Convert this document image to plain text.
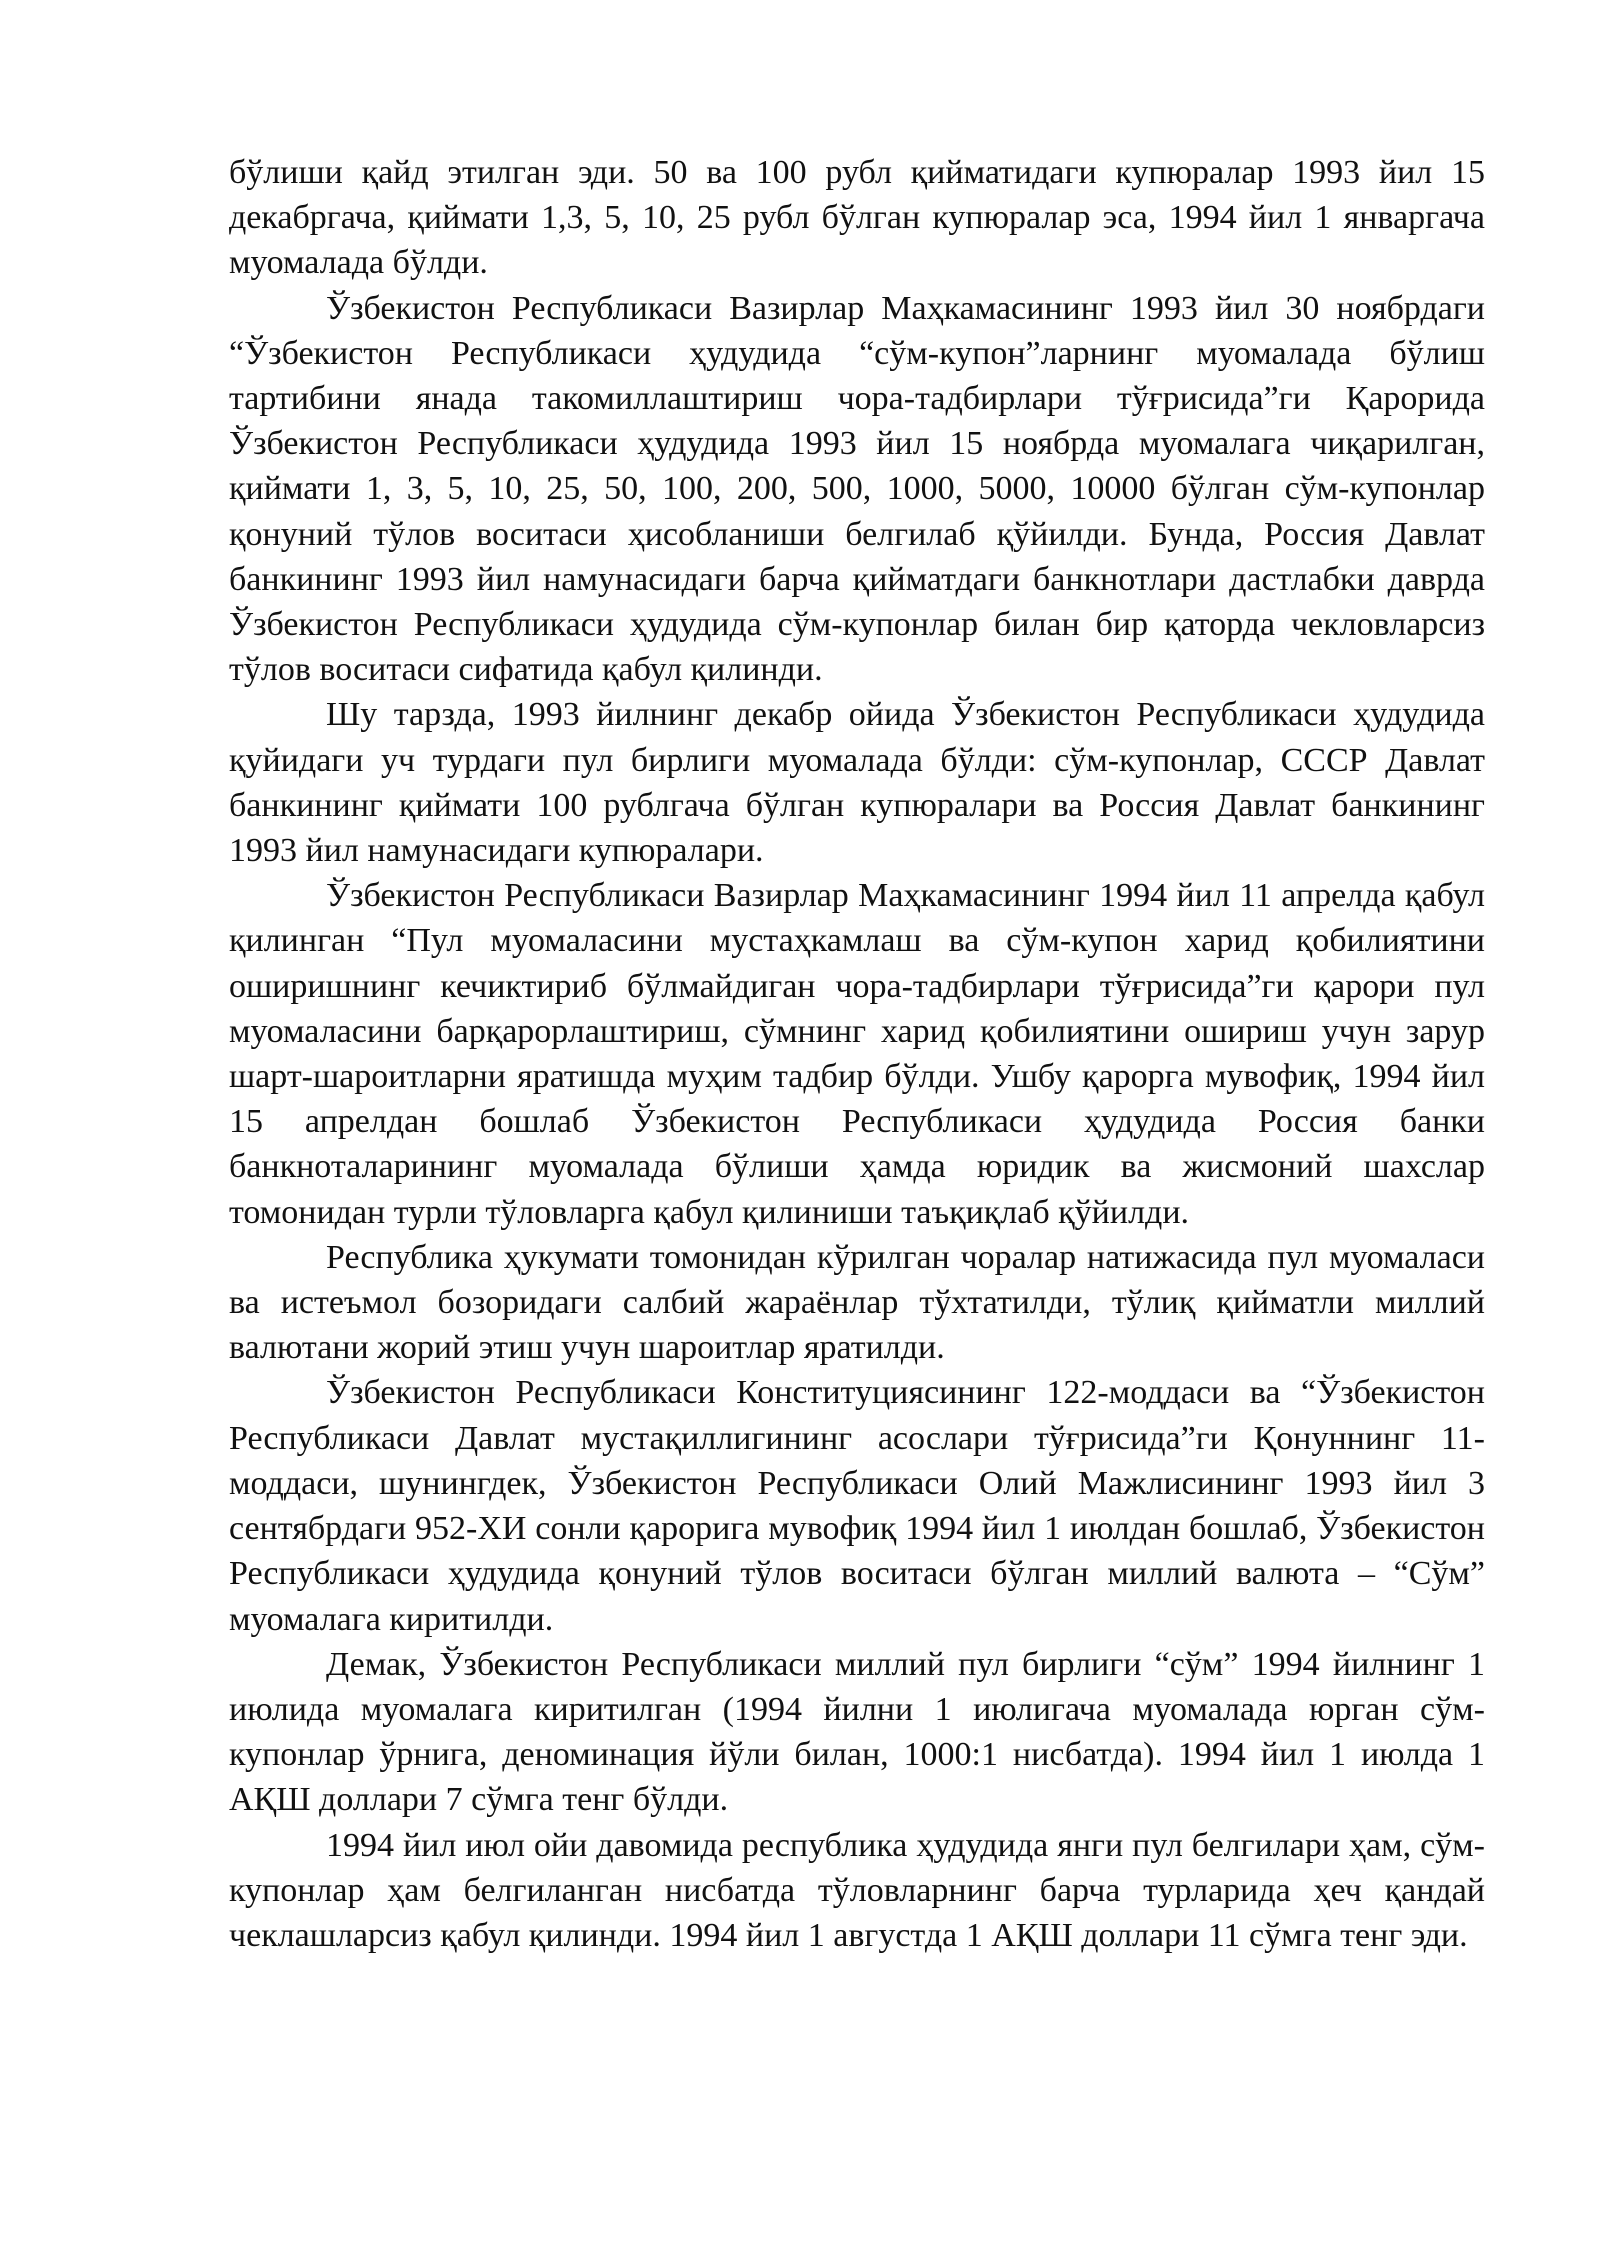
бўлиши қайд этилган эди. 50 ва 100 рубл қийматидаги купюралар 1993 йил 15 декабргача, қиймати 1,3, 5, 10, 25 рубл бўлган купюралар эса, 1994 йил 1 январгача муомалада бўлди.

Ўзбекистон Республикаси Вазирлар Маҳкамасининг 1993 йил 30 ноябрдаги “Ўзбекистон Республикаси ҳудудида “сўм-купон”ларнинг муомалада бўлиш тартибини янада такомиллаштириш чора-тадбирлари тўғрисида”ги Қарорида Ўзбекистон Республикаси ҳудудида 1993 йил 15 ноябрда муомалага чиқарилган, қиймати 1, 3, 5, 10, 25, 50, 100, 200, 500, 1000, 5000, 10000 бўлган сўм-купонлар қонуний тўлов воситаси ҳисобланиши белгилаб қўйилди. Бунда, Россия Давлат банкининг 1993 йил намунасидаги барча қийматдаги банкнотлари дастлабки даврда Ўзбекистон Республикаси ҳудудида сўм-купонлар билан бир қаторда чекловларсиз тўлов воситаси сифатида қабул қилинди.

Шу тарзда, 1993 йилнинг декабр ойида Ўзбекистон Республикаси ҳудудида қуйидаги уч турдаги пул бирлиги муомалада бўлди: сўм-купонлар, СССР Давлат банкининг қиймати 100 рублгача бўлган купюралари ва Россия Давлат банкининг 1993 йил намунасидаги купюралари.

Ўзбекистон Республикаси Вазирлар Маҳкамасининг 1994 йил 11 апрелда қабул қилинган “Пул муомаласини мустаҳкамлаш ва сўм-купон харид қобилиятини оширишнинг кечиктириб бўлмайдиган чора-тадбирлари тўғрисида”ги қарори пул муомаласини барқарорлаштириш, сўмнинг харид қобилиятини ошириш учун зарур шарт-шароитларни яратишда муҳим тадбир бўлди. Ушбу қарорга мувофиқ, 1994 йил 15 апрелдан бошлаб Ўзбекистон Республикаси ҳудудида Россия банки банкноталарининг муомалада бўлиши ҳамда юридик ва жисмоний шахслар томонидан турли тўловларга қабул қилиниши таъқиқлаб қўйилди.

Республика ҳукумати томонидан кўрилган чоралар натижасида пул муомаласи ва истеъмол бозоридаги салбий жараёнлар тўхтатилди, тўлиқ қийматли миллий валютани жорий этиш учун шароитлар яратилди.

Ўзбекистон Республикаси Конституциясининг 122-моддаси ва “Ўзбекистон Республикаси Давлат мустақиллигининг асослари тўғрисида”ги Қонуннинг 11-моддаси, шунингдек, Ўзбекистон Республикаси Олий Мажлисининг 1993 йил 3 сентябрдаги 952-ХИ сонли қарорига мувофиқ 1994 йил 1 июлдан бошлаб, Ўзбекистон Республикаси ҳудудида қонуний тўлов воситаси бўлган миллий валюта – “Сўм” муомалага киритилди.

Демак, Ўзбекистон Республикаси миллий пул бирлиги “сўм” 1994 йилнинг 1 июлида муомалага киритилган (1994 йилни 1 июлигача муомалада юрган сўм-купонлар ўрнига, деноминация йўли билан, 1000:1 нисбатда). 1994 йил 1 июлда 1 АҚШ доллари 7 сўмга тенг бўлди.

1994 йил июл ойи давомида республика ҳудудида янги пул белгилари ҳам, сўм-купонлар ҳам белгиланган нисбатда тўловларнинг барча турларида ҳеч қандай чеклашларсиз қабул қилинди. 1994 йил 1 августда 1 АҚШ доллари 11 сўмга тенг эди.
